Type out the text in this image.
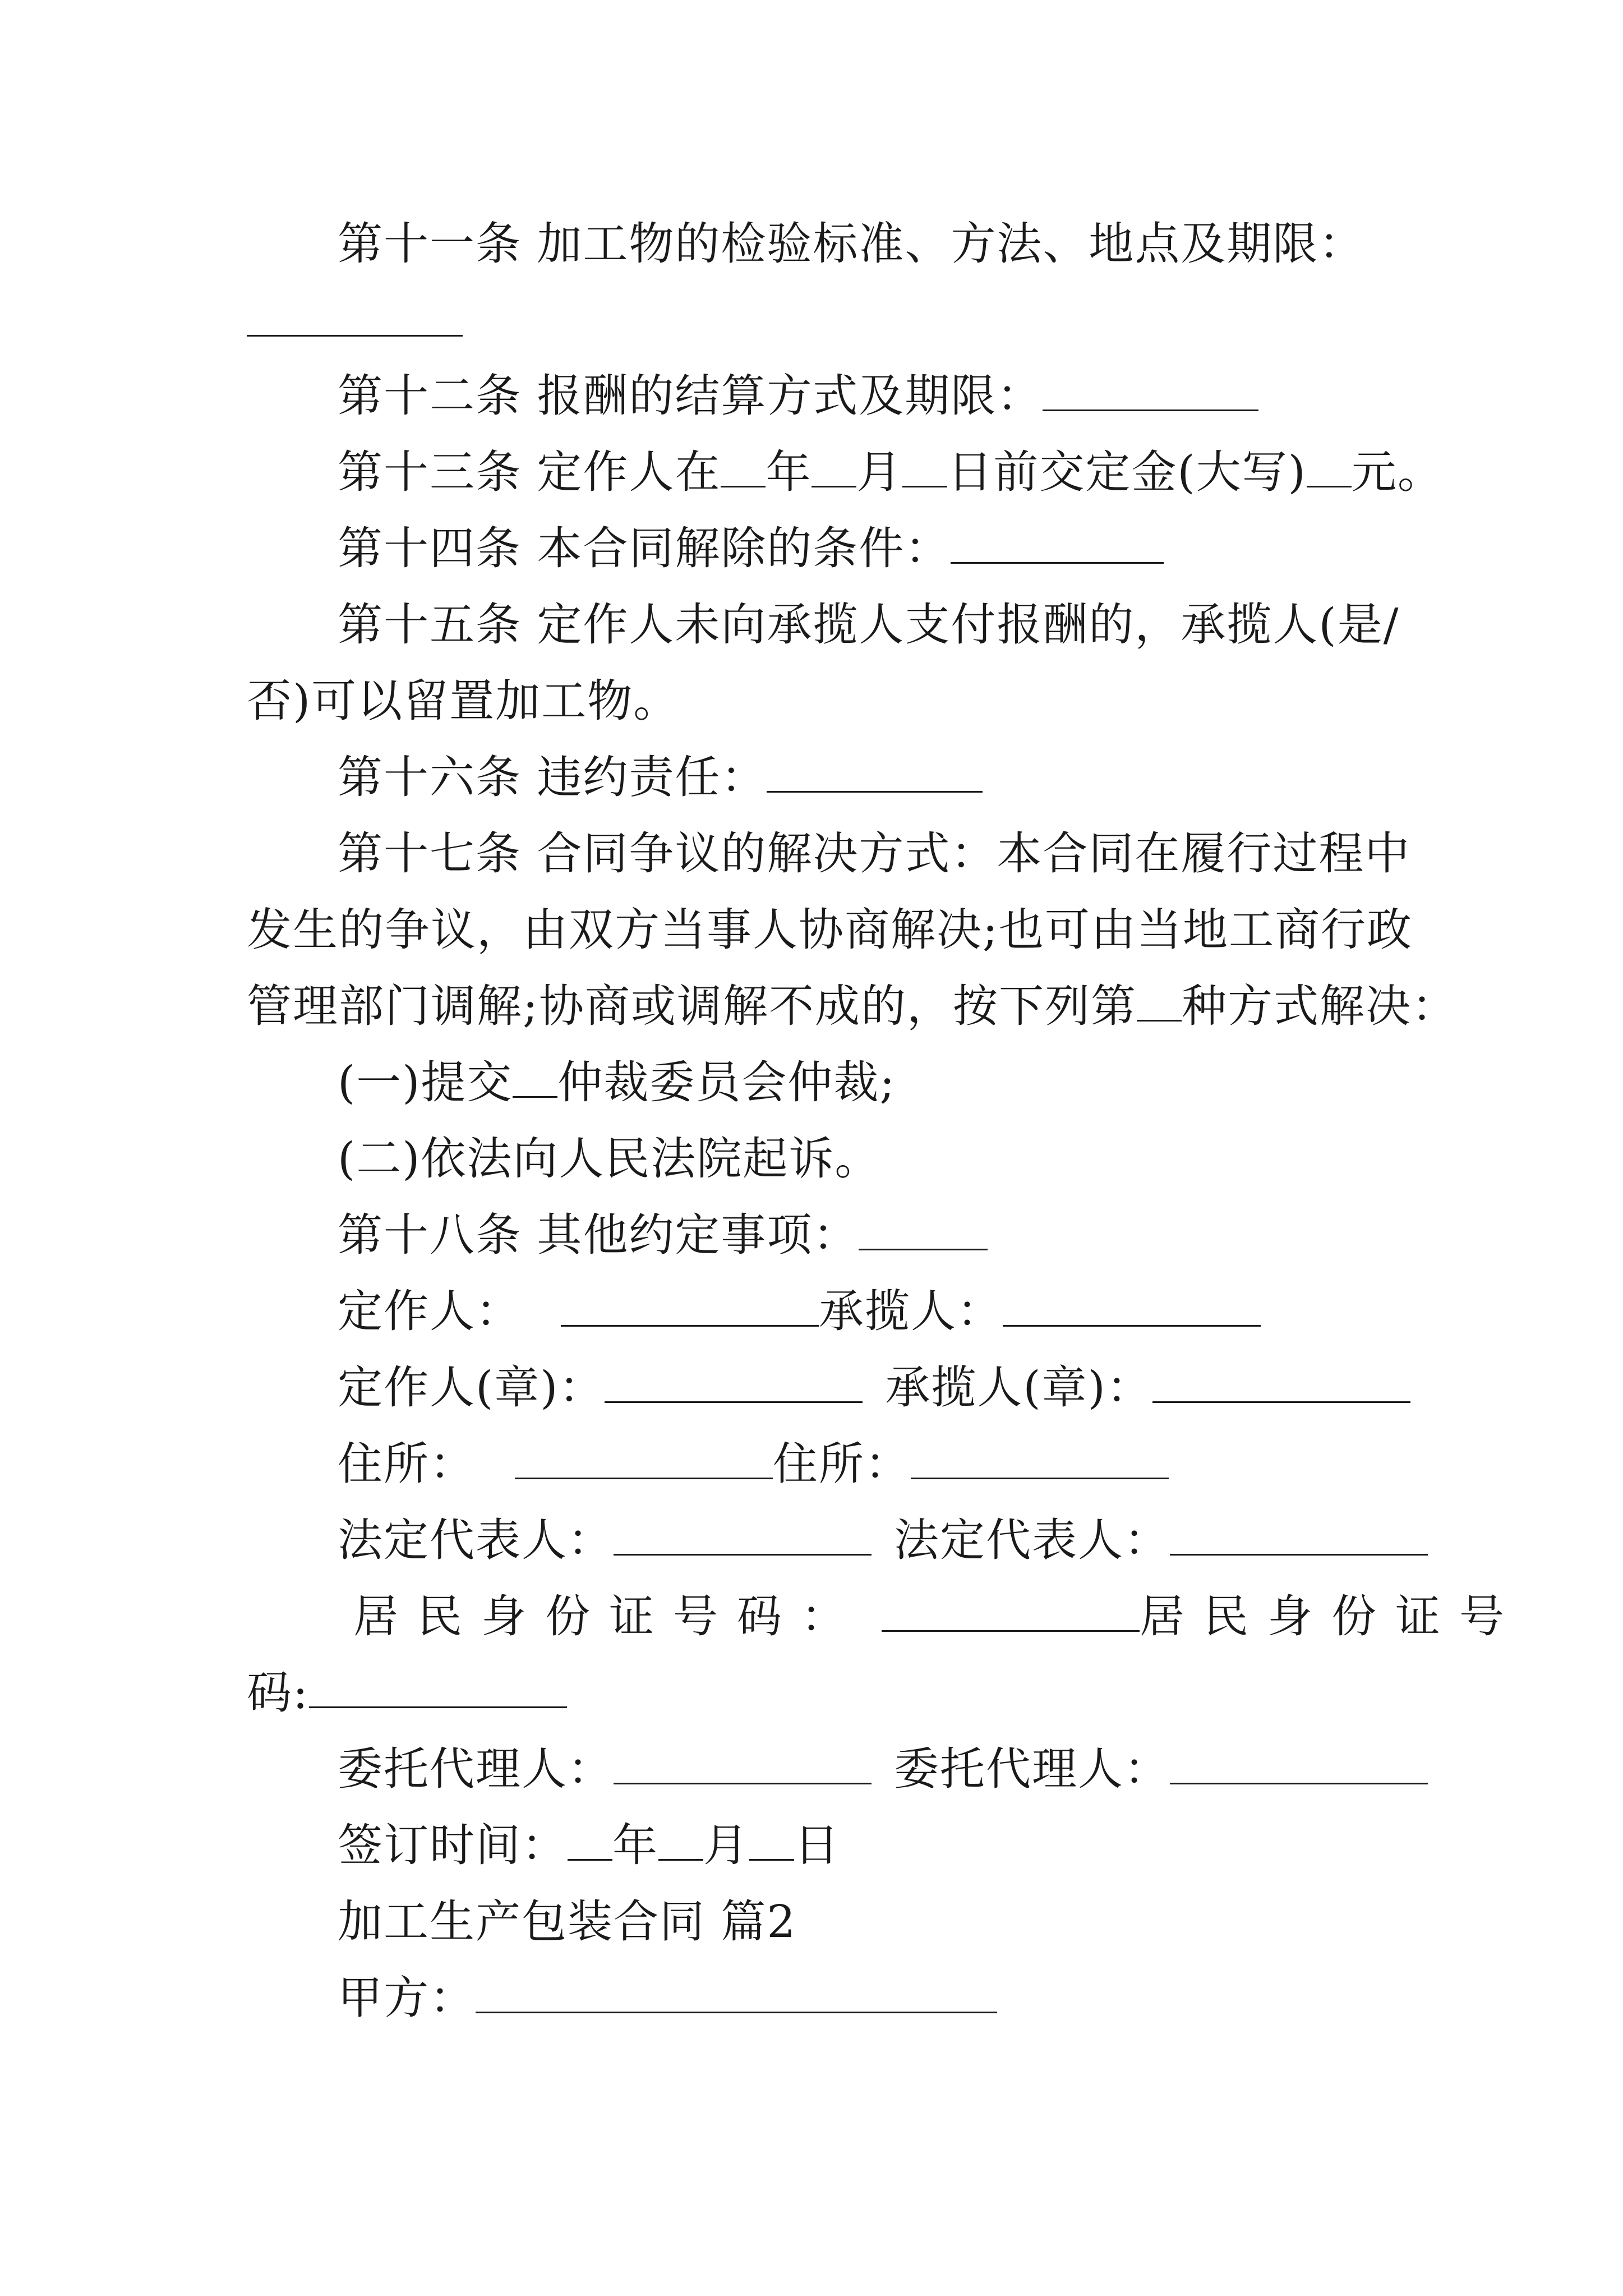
第十一条 加工物的检验标准、方法、地点及期限：
第十二条 报酬的结算方式及期限：
第十三条 定作人在 年 月 日前交定金(大写) 元。
第十四条 本合同解除的条件：
第十五条 定作人未向承揽人支付报酬的，承揽人(是/
否)可以留置加工物。
第十六条 违约责任：
第十七条 合同争议的解决方式：本合同在履行过程中
发生的争议，由双方当事人协商解决;也可由当地工商行政
管理部门调解;协商或调解不成的，按下列第 种方式解决：
(一)提交 仲裁委员会仲裁;
(二)依法向人民法院起诉。
第十八条 其他约定事项：
定作人：	承揽人：
定作人(章)：	承揽人(章)：
住所：	住所：
法定代表人：	法定代表人：
居民身份证号码：	居民身份证号
码:
委托代理人：	委托代理人：
签订时间： 年 月 日
加工生产包装合同 篇2
甲方：
